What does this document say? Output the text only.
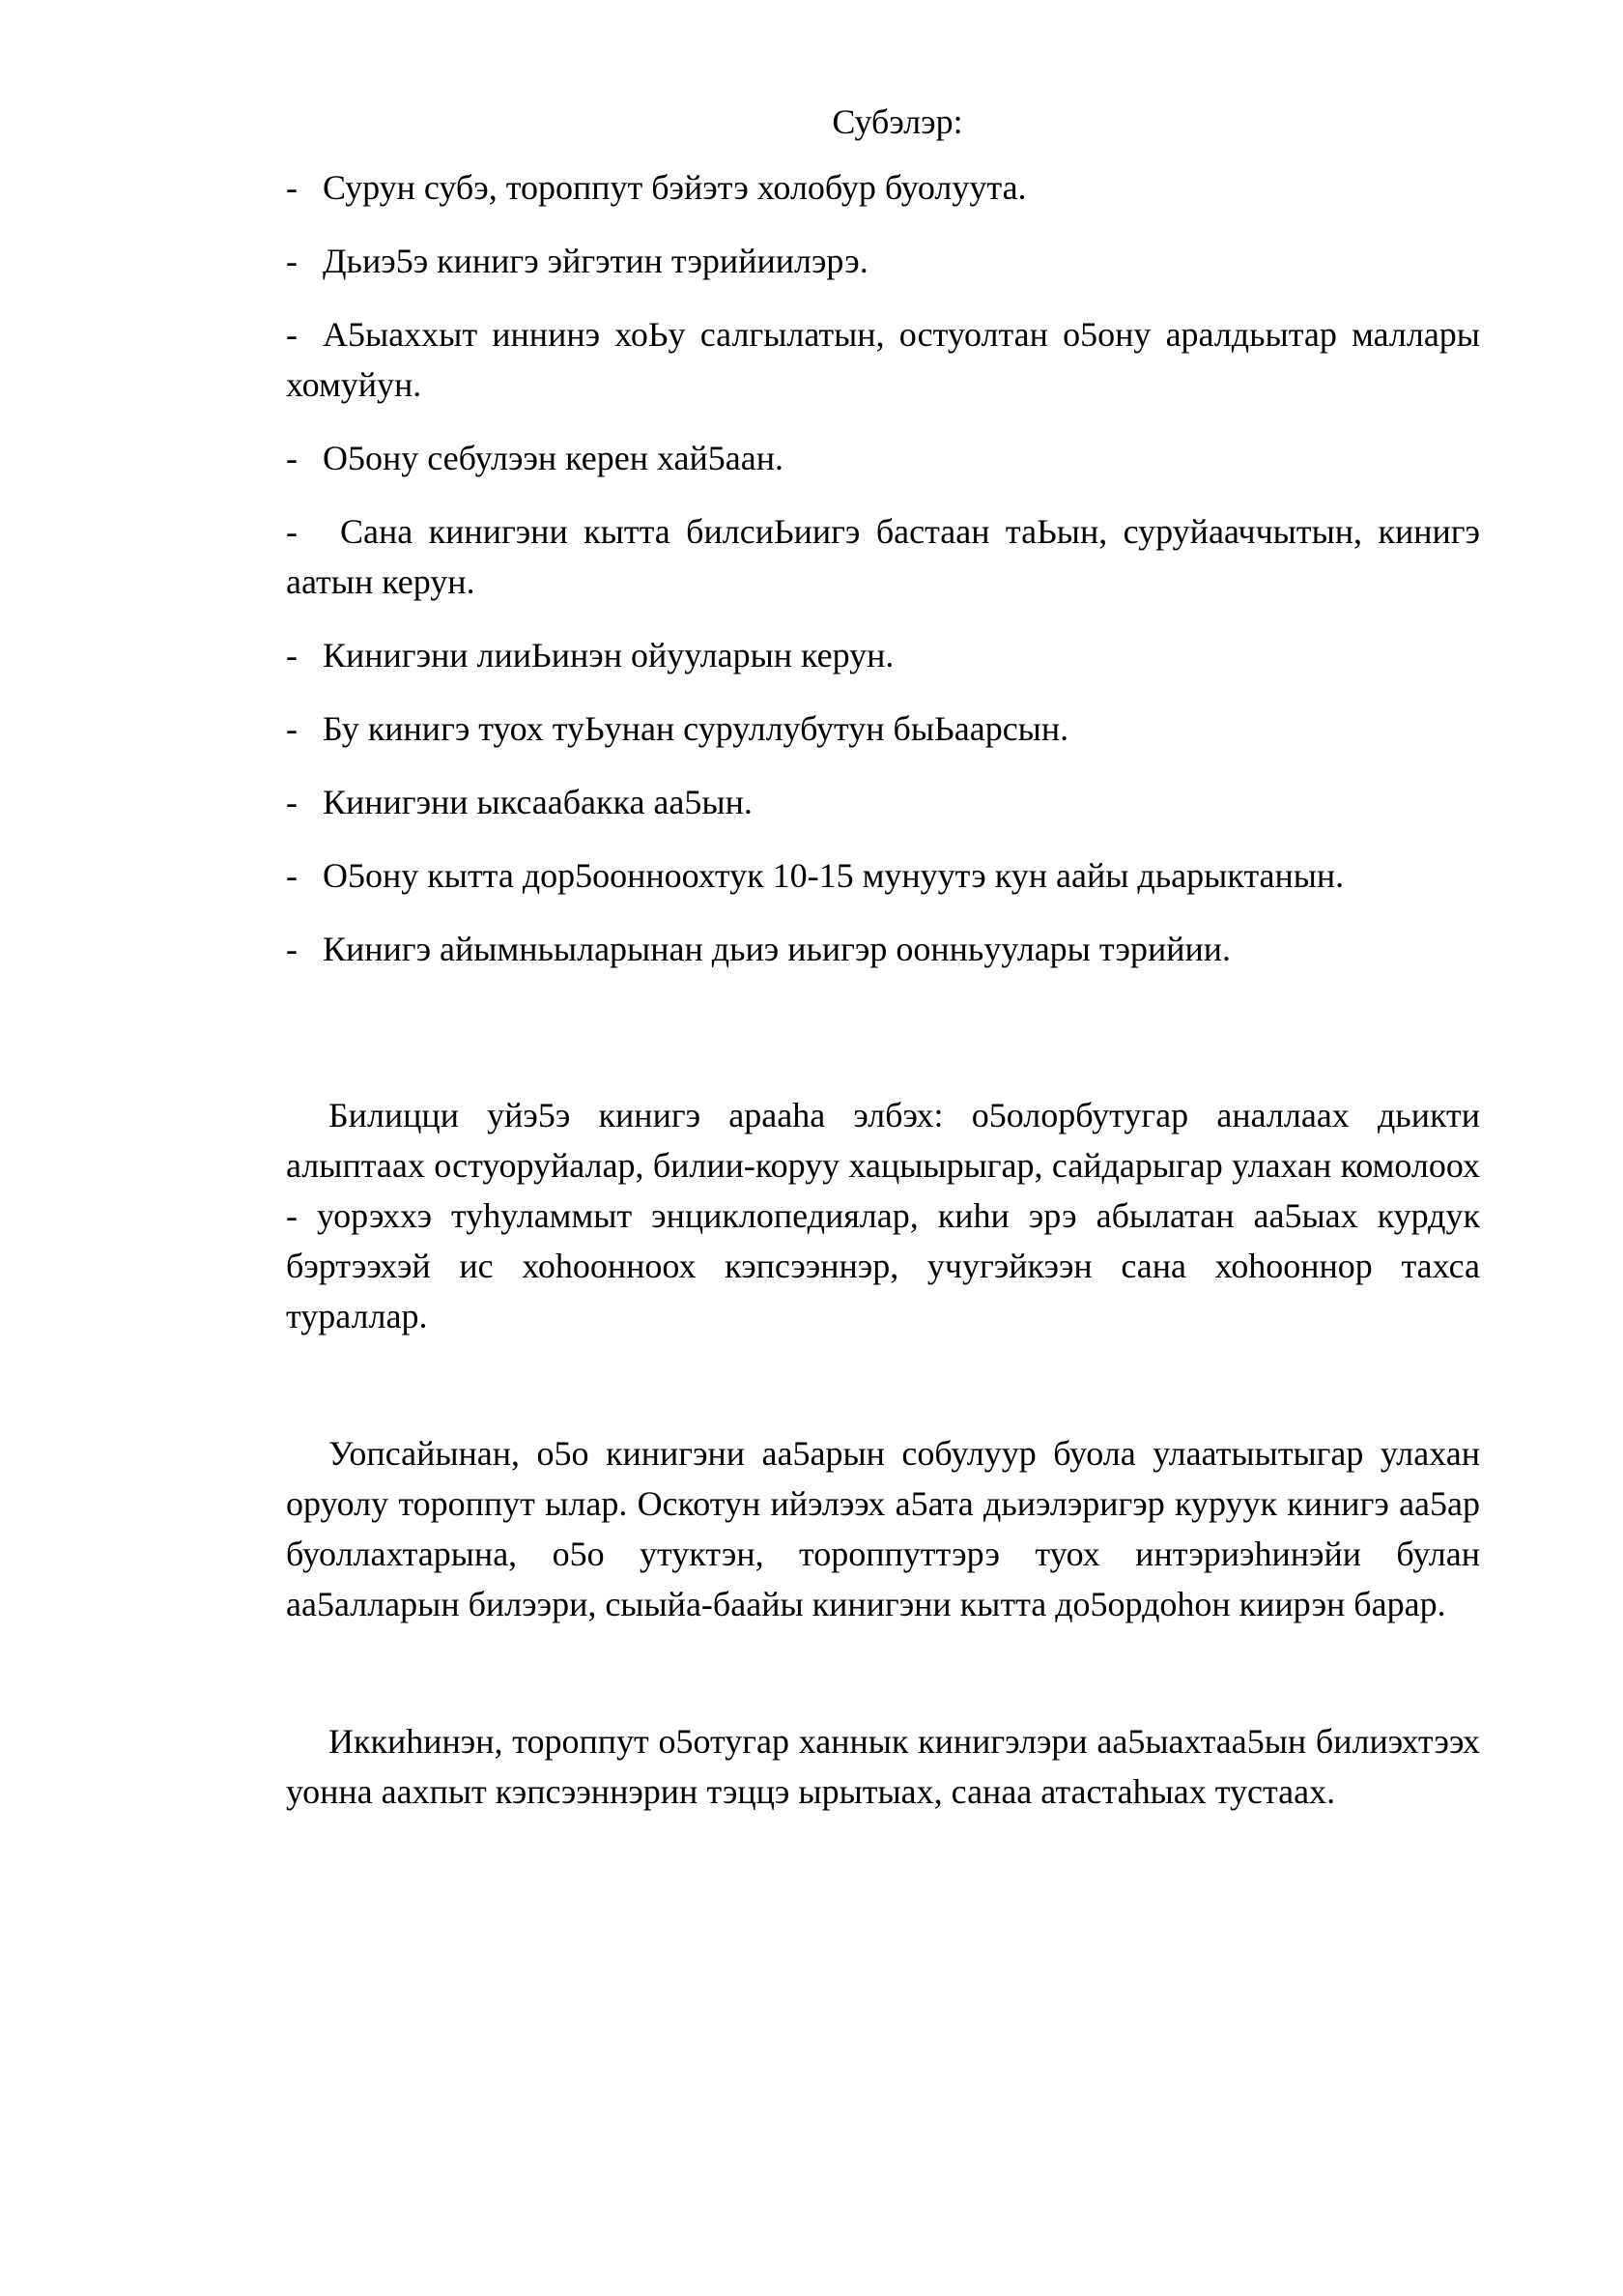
Субэлэр:

- Сурун субэ, тороппут бэйэтэ холобур буолуута.

- Дьиэ5э кинигэ эйгэтин тэрийиилэрэ.

- А5ыаххыт иннинэ хоЬу салгылатын, остуолтан о5ону аралдьытар маллары хомуйун.

- О5ону себулээн керен хай5аан.

- Сана кинигэни кытта билсиЬиигэ бастаан таЬын, суруйааччытын, кинигэ аатын керун.

- Кинигэни лииЬинэн ойууларын керун.

- Бу кинигэ туох туЬунан суруллубутун быЬаарсын.

- Кинигэни ыксаабакка аа5ын.

- О5ону кытта дор5оонноохтук 10-15 мунуутэ кун аайы дьарыктанын.

- Кинигэ айымньыларынан дьиэ иьигэр оонньуулары тэрийии.

Билицци уйэ5э кинигэ арааhа элбэх: о5олорбутугар аналлаах дьикти алыптаах остуоруйалар, билии-коруу хацыырыгар, сайдарыгар улахан комолоох - уорэххэ туhуламмыт энциклопедиялар, киhи эрэ абылатан аа5ыах курдук бэртээхэй ис хоhоонноох кэпсээннэр, учугэйкээн сана хоhооннор тахса тураллар.

Уопсайынан, о5о кинигэни аа5арын собулуур буола улаатыытыгар улахан оруолу тороппут ылар. Оскотун ийэлээх а5ата дьиэлэригэр куруук кинигэ аа5ар буоллахтарына, о5о утуктэн, тороппуттэрэ туох интэриэhинэйи булан аа5алларын билээри, сыыйа-баайы кинигэни кытта до5ордоhон киирэн барар.

Иккиhинэн, тороппут о5отугар ханнык кинигэлэри аа5ыахтаа5ын билиэхтээх уонна аахпыт кэпсээннэрин тэццэ ырытыах, санаа атастаhыах тустаах.
